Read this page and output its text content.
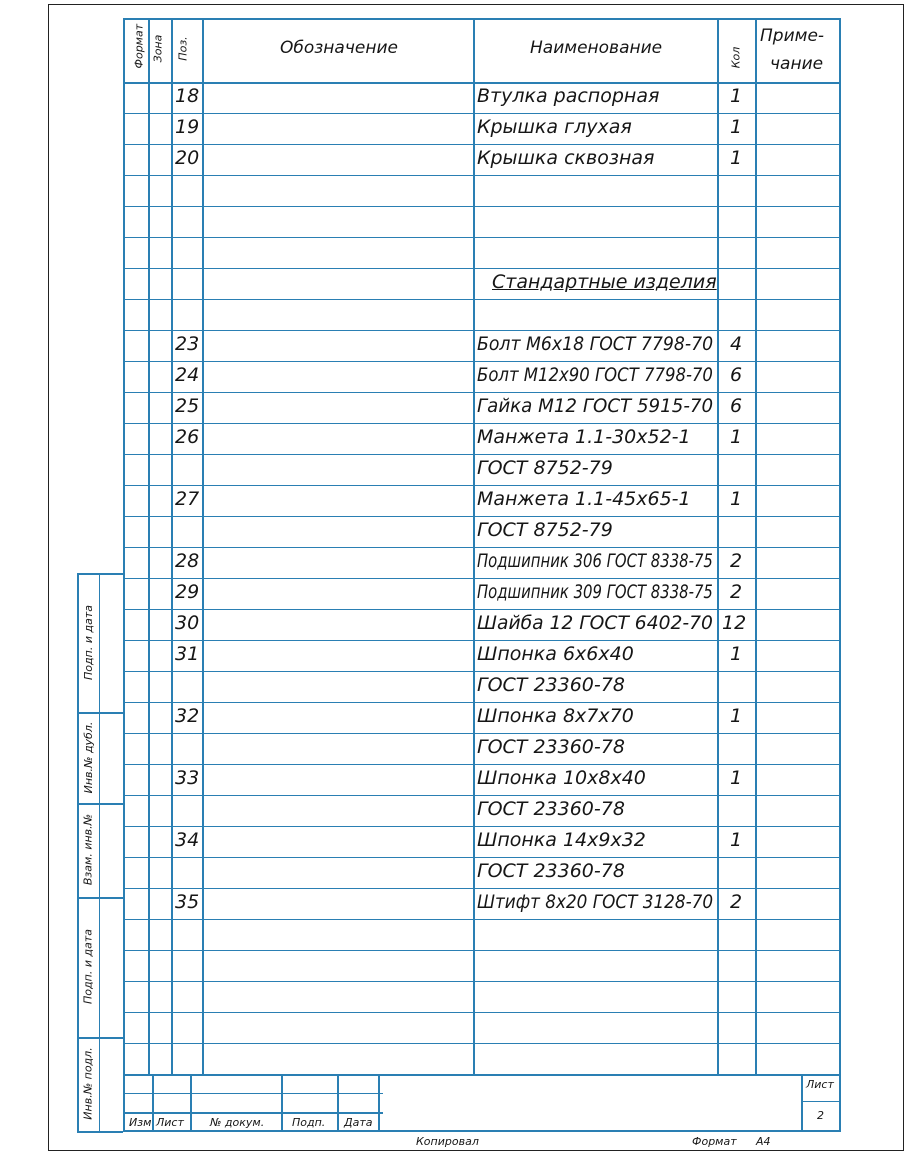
Формат Зона Поз.	Обозначение	Наименование	Кол
Приме-
чание
18	Втулка распорная	1
19	Крышка глухая	1
20	Крышка сквозная	1
Стандартные изделия
23	Болт М6х18 ГОСТ 7798-70 4
24	Болт М12х90 ГОСТ 7798-70 6
25	Гайка М12 ГОСТ 5915-70 6
26	Манжета 1.1-30х52-1 1
ГОСТ 8752-79
27	Манжета 1.1-45х65-1 1
ГОСТ 8752-79
28	Подшипник 306 ГОСТ 8338-75 2
29	Подшипник 309 ГОСТ 8338-75 2
30	Шайба 12 ГОСТ 6402-70 12
31	Шпонка 6х6х40	1
ГОСТ 23360-78
32	Шпонка 8х7х70	1
ГОСТ 23360-78
33	Шпонка 10х8х40	1
ГОСТ 23360-78
34	Шпонка 14х9х32	1
ГОСТ 23360-78
35	Штифт 8х20 ГОСТ 3128-70 2
Подп. и дата
Инв.№ дубл.
Взам. инв.№
Подп. и дата
Инв.№ подл.
Изм Лист № докум.	Подп. Дата
Лист
2
Копировал	Формат А4
